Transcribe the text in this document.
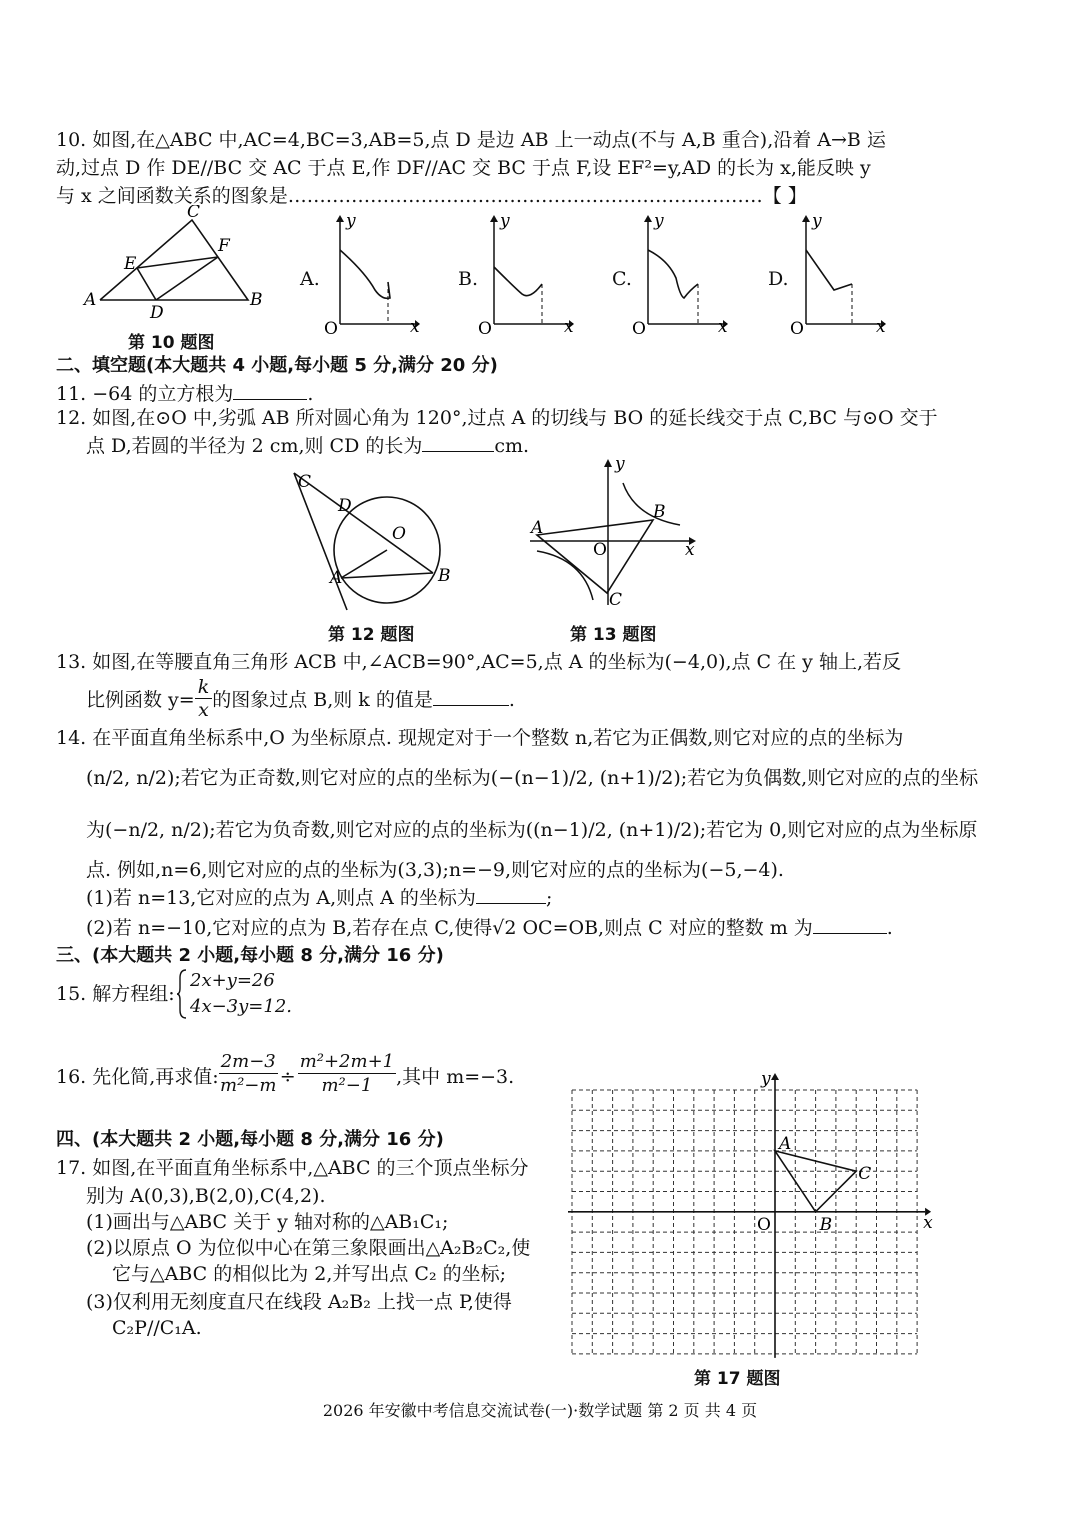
10. 如图,在△ABC 中,AC=4,BC=3,AB=5,点 D 是边 AB 上一动点(不与 A,B 重合),沿着 A→B 运
动,过点 D 作 DE//BC 交 AC 于点 E,作 DF//AC 交 BC 于点 F,设 EF²=y,AD 的长为 x,能反映 y
与 x 之间函数关系的图象是…………………………………………………………………【 】
C
A	B
E
F
D
第 10 题图
A.
y
O	x
B.
y
O	x
C.
y
O	x
D.
y
O	x
二、填空题(本大题共 4 小题,每小题 5 分,满分 20 分)
11. −64 的立方根为	.
12. 如图,在⊙O 中,劣弧 AB 所对圆心角为 120°,过点 A 的切线与 BO 的延长线交于点 C,BC 与⊙O 交于
点 D,若圆的半径为 2 cm,则 CD 的长为	cm.
C
D
O
A	B
第 12 题图
y
x
O
A
B
C
第 13 题图
13. 如图,在等腰直角三角形 ACB 中,∠ACB=90°,AC=5,点 A 的坐标为(−4,0),点 C 在 y 轴上,若反
比例函数 $y= \frac{k}{x}$ 的图象过点 B,则 k 的值是	.
14. 在平面直角坐标系中,O 为坐标原点. 现规定对于一个整数 n,若它为正偶数,则它对应的点的坐标为
(n/2, n/2);若它为正奇数,则它对应的点的坐标为(−(n−1)/2, (n+1)/2);若它为负偶数,则它对应的点的坐标
为(−n/2, n/2);若它为负奇数,则它对应的点的坐标为((n−1)/2, (n+1)/2);若它为 0,则它对应的点为坐标原
点. 例如,n=6,则它对应的点的坐标为(3,3);n=−9,则它对应的点的坐标为(−5,−4).
(1)若 n=13,它对应的点为 A,则点 A 的坐标为	;
(2)若 n=−10,它对应的点为 B,若存在点 C,使得√2 OC=OB,则点 C 对应的整数 m 为	.
三、(本大题共 2 小题,每小题 8 分,满分 16 分)
15. 解方程组:
2x+y=26
4x−3y=12.
16. 先化简,再求值: $\frac{2m-3}{\text{m²−m}} \div \frac{\text{m²+2m+1}}{\text{m²−1}}$ ,其中 m=−3.
四、(本大题共 2 小题,每小题 8 分,满分 16 分)
17. 如图,在平面直角坐标系中,△ABC 的三个顶点坐标分
别为 A(0,3),B(2,0),C(4,2).
(1)画出与△ABC 关于 y 轴对称的△AB₁C₁;
(2)以原点 O 为位似中心在第三象限画出△A₂B₂C₂,使
它与△ABC 的相似比为 2,并写出点 C₂ 的坐标;
(3)仅利用无刻度直尺在线段 A₂B₂ 上找一点 P,使得
C₂P//C₁A.
A
B
C
y
x
O
第 17 题图
2026 年安徽中考信息交流试卷(一)·数学试题 第 2 页 共 4 页
